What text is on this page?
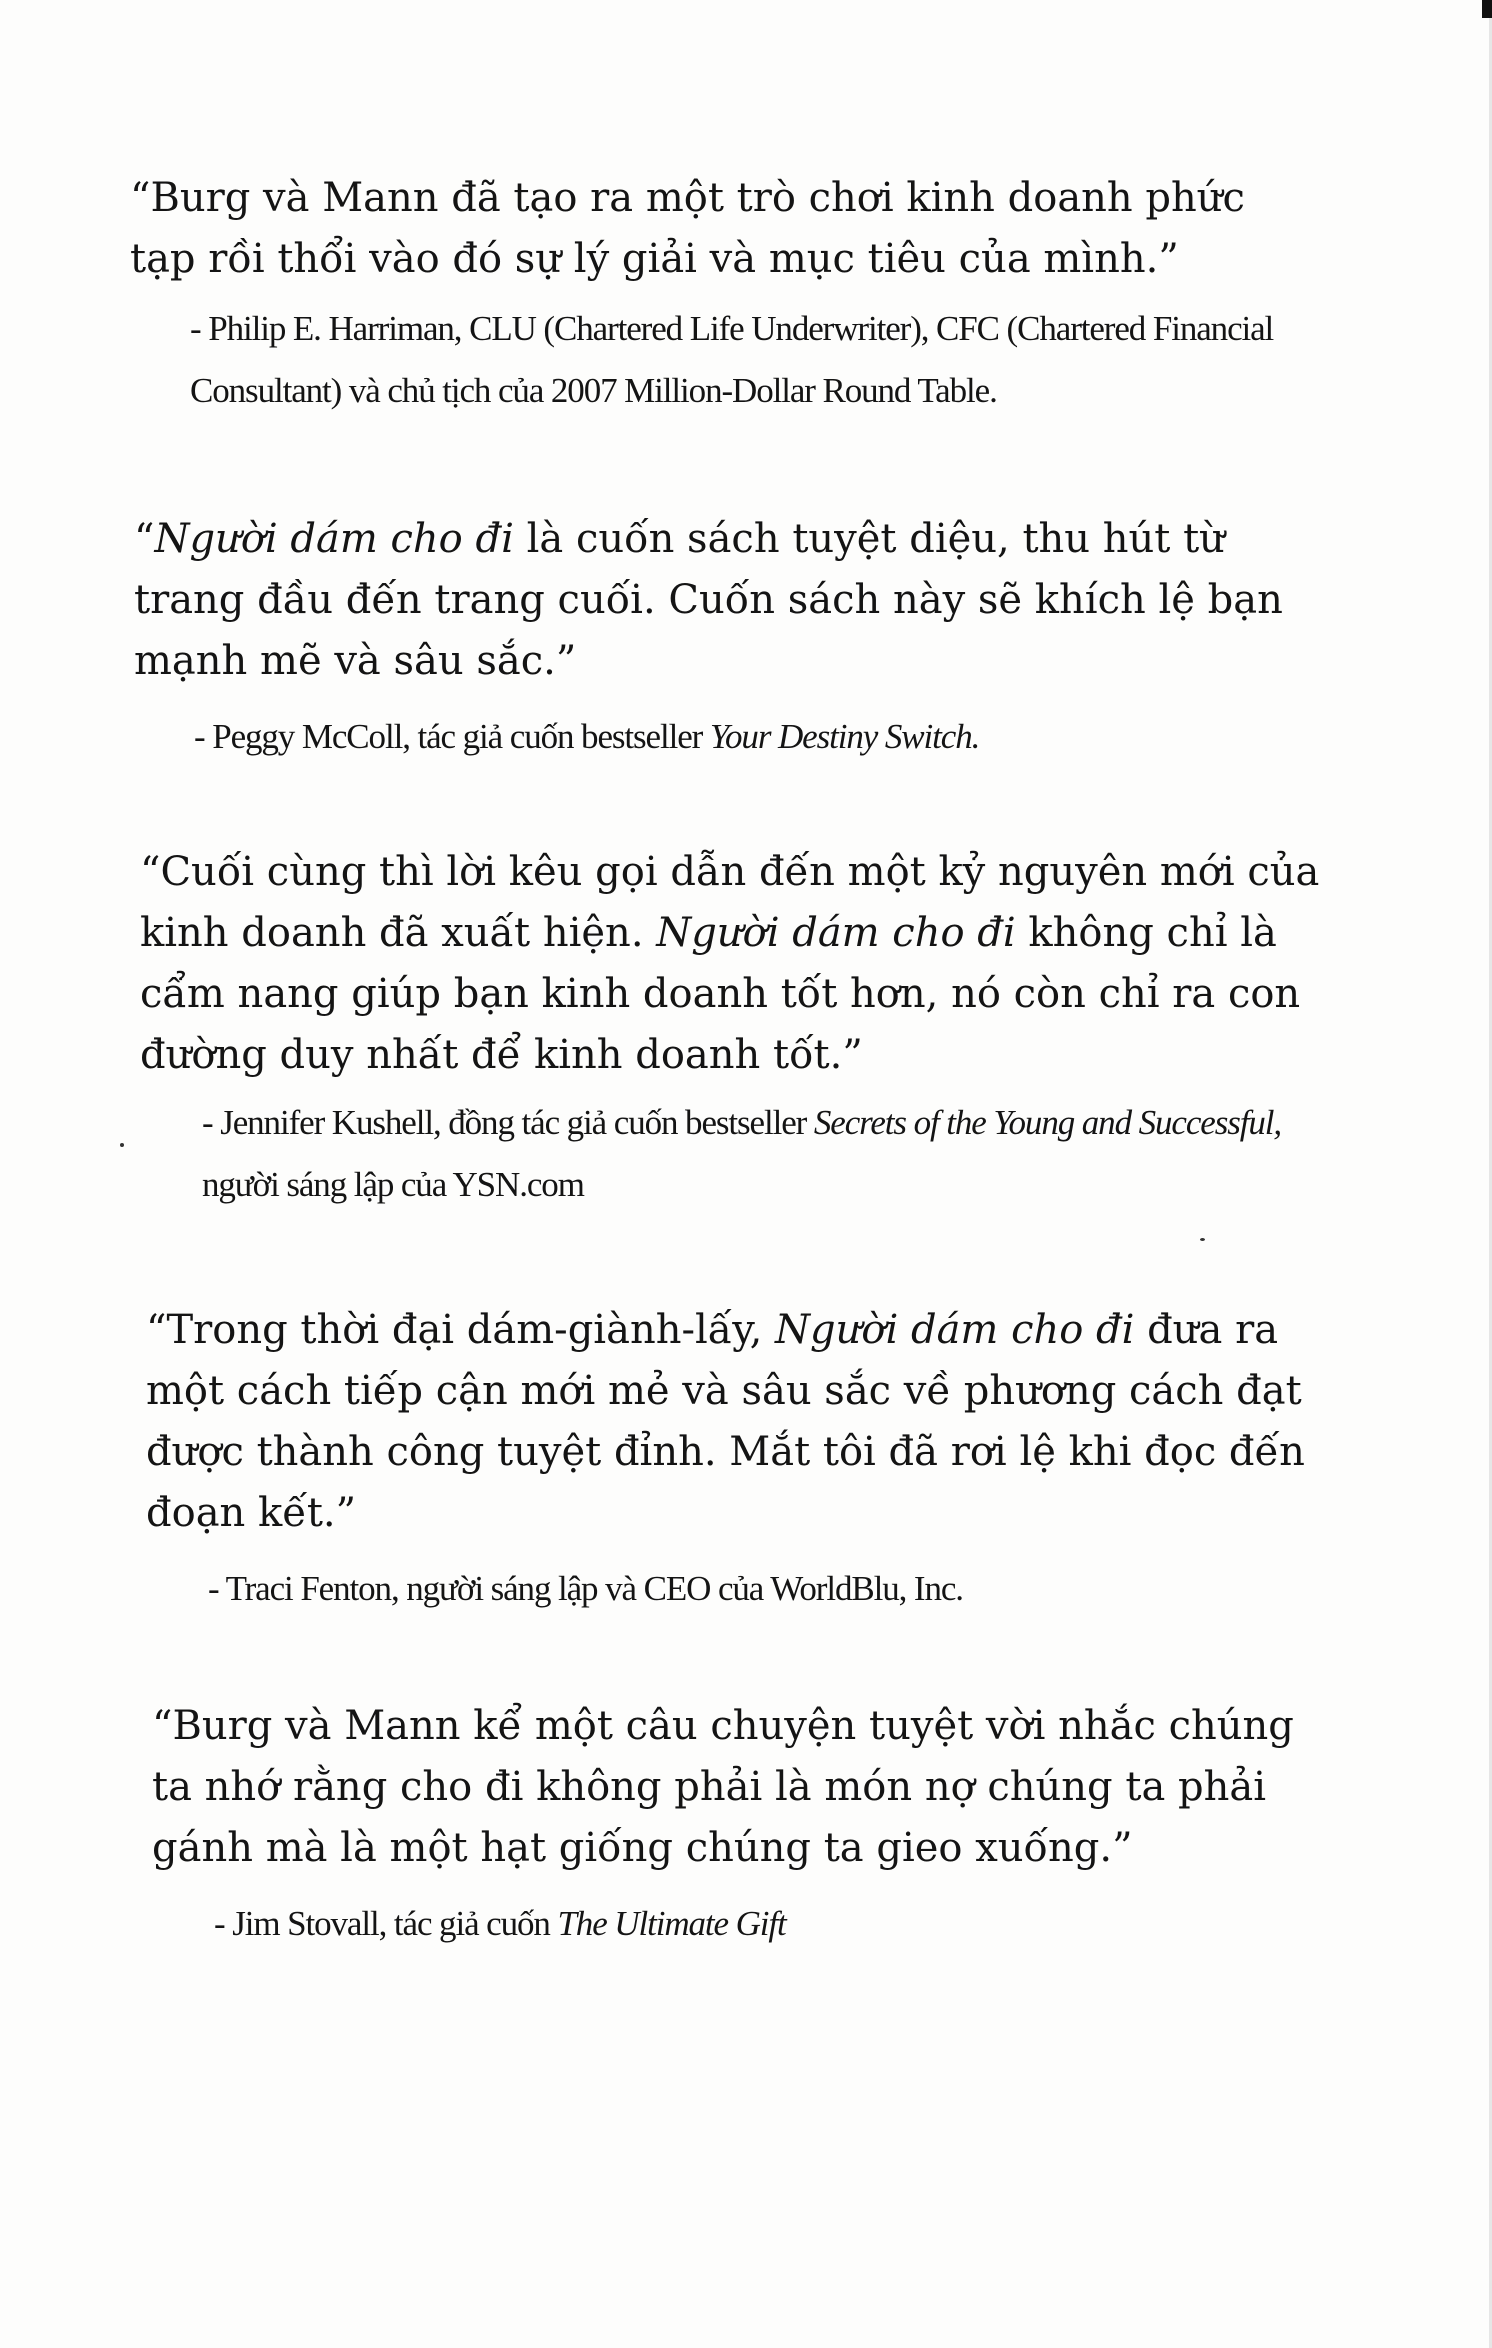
“Burg và Mann đã tạo ra một trò chơi kinh doanh phức tạp rồi thổi vào đó sự lý giải và mục tiêu của mình.”

- Philip E. Harriman, CLU (Chartered Life Underwriter), CFC (Chartered Financial Consultant) và chủ tịch của 2007 Million-Dollar Round Table.

“Người dám cho đi là cuốn sách tuyệt diệu, thu hút từ trang đầu đến trang cuối. Cuốn sách này sẽ khích lệ bạn mạnh mẽ và sâu sắc.”

- Peggy McColl, tác giả cuốn bestseller Your Destiny Switch.

“Cuối cùng thì lời kêu gọi dẫn đến một kỷ nguyên mới của kinh doanh đã xuất hiện. Người dám cho đi không chỉ là cẩm nang giúp bạn kinh doanh tốt hơn, nó còn chỉ ra con đường duy nhất để kinh doanh tốt.”

- Jennifer Kushell, đồng tác giả cuốn bestseller Secrets of the Young and Successful, người sáng lập của YSN.com

“Trong thời đại dám-giành-lấy, Người dám cho đi đưa ra một cách tiếp cận mới mẻ và sâu sắc về phương cách đạt được thành công tuyệt đỉnh. Mắt tôi đã rơi lệ khi đọc đến đoạn kết.”

- Traci Fenton, người sáng lập và CEO của WorldBlu, Inc.

“Burg và Mann kể một câu chuyện tuyệt vời nhắc chúng ta nhớ rằng cho đi không phải là món nợ chúng ta phải gánh mà là một hạt giống chúng ta gieo xuống.”

- Jim Stovall, tác giả cuốn The Ultimate Gift
